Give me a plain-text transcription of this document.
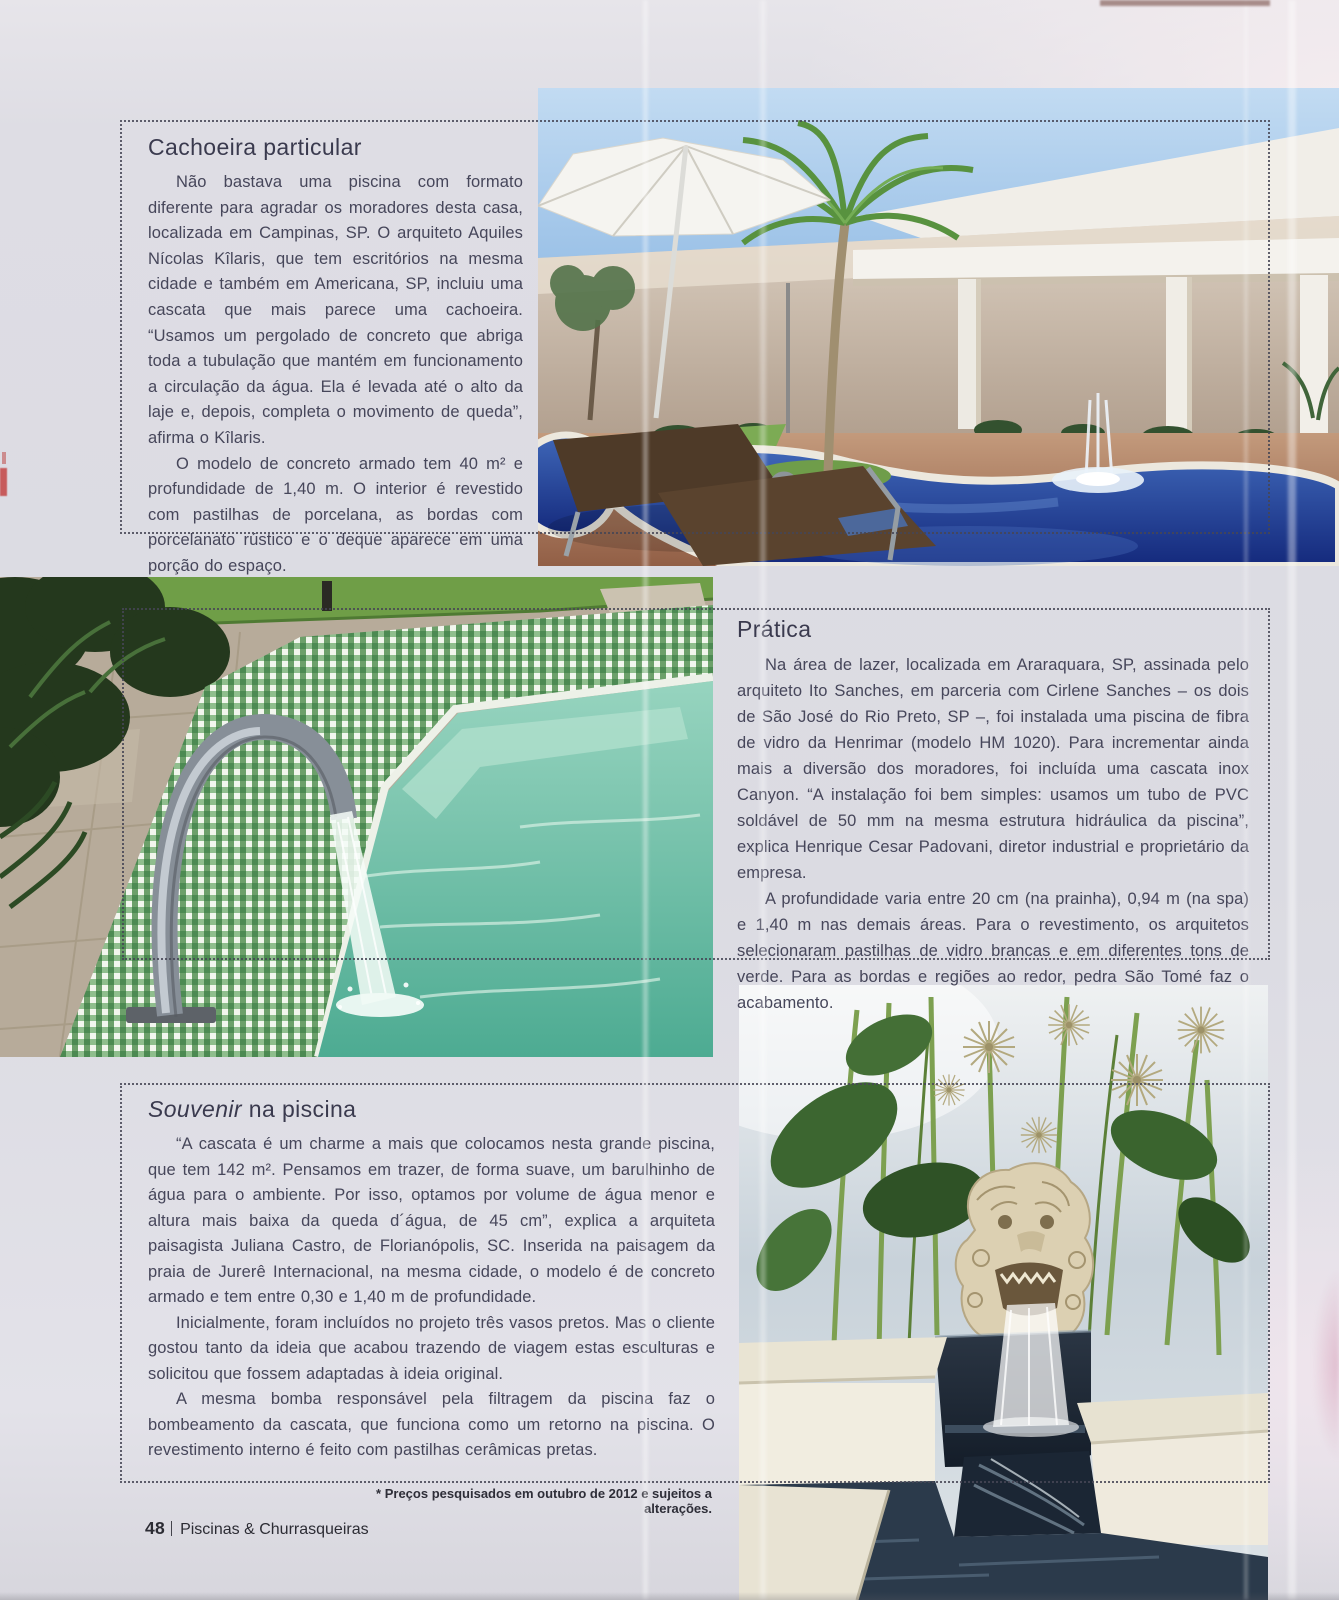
Cachoeira particular

Não bastava uma piscina com formato diferente para agradar os moradores desta casa, localizada em Campinas, SP. O arquiteto Aquiles Nícolas Kîlaris, que tem escritórios na mesma cidade e também em Americana, SP, incluiu uma cascata que mais parece uma cachoeira. “Usamos um pergolado de concreto que abriga toda a tubulação que mantém em funcionamento a circulação da água. Ela é levada até o alto da laje e, depois, completa o movimento de queda”, afirma o Kîlaris.

O modelo de concreto armado tem 40 m² e profundidade de 1,40 m. O interior é revestido com pastilhas de porcelana, as bordas com porcelanato rústico e o deque aparece em uma porção do espaço.

Prática

Na área de lazer, localizada em Araraquara, SP, assinada pelo arquiteto Ito Sanches, em parceria com Cirlene Sanches – os dois de São José do Rio Preto, SP –, foi instalada uma piscina de fibra de vidro da Henrimar (modelo HM 1020). Para incrementar ainda mais a diversão dos moradores, foi incluída uma cascata inox Canyon. “A instalação foi bem simples: usamos um tubo de PVC soldável de 50 mm na mesma estrutura hidráulica da piscina”, explica Henrique Cesar Padovani, diretor industrial e proprietário da empresa.

A profundidade varia entre 20 cm (na prainha), 0,94 m (na spa) e 1,40 m nas demais áreas. Para o revestimento, os arquitetos selecionaram pastilhas de vidro brancas e em diferentes tons de verde. Para as bordas e regiões ao redor, pedra São Tomé faz o acabamento.

Souvenir na piscina

“A cascata é um charme a mais que colocamos nesta grande piscina, que tem 142 m². Pensamos em trazer, de forma suave, um barulhinho de água para o ambiente. Por isso, optamos por volume de água menor e altura mais baixa da queda d´água, de 45 cm”, explica a arquiteta paisagista Juliana Castro, de Florianópolis, SC. Inserida na paisagem da praia de Jurerê Internacional, na mesma cidade, o modelo é de concreto armado e tem entre 0,30 e 1,40 m de profundidade.

Inicialmente, foram incluídos no projeto três vasos pretos. Mas o cliente gostou tanto da ideia que acabou trazendo de viagem estas esculturas e solicitou que fossem adaptadas à ideia original.

A mesma bomba responsável pela filtragem da piscina faz o bombeamento da cascata, que funciona como um retorno na piscina. O revestimento interno é feito com pastilhas cerâmicas pretas.

* Preços pesquisados em outubro de 2012 e sujeitos a alterações.
48 Piscinas & Churrasqueiras
